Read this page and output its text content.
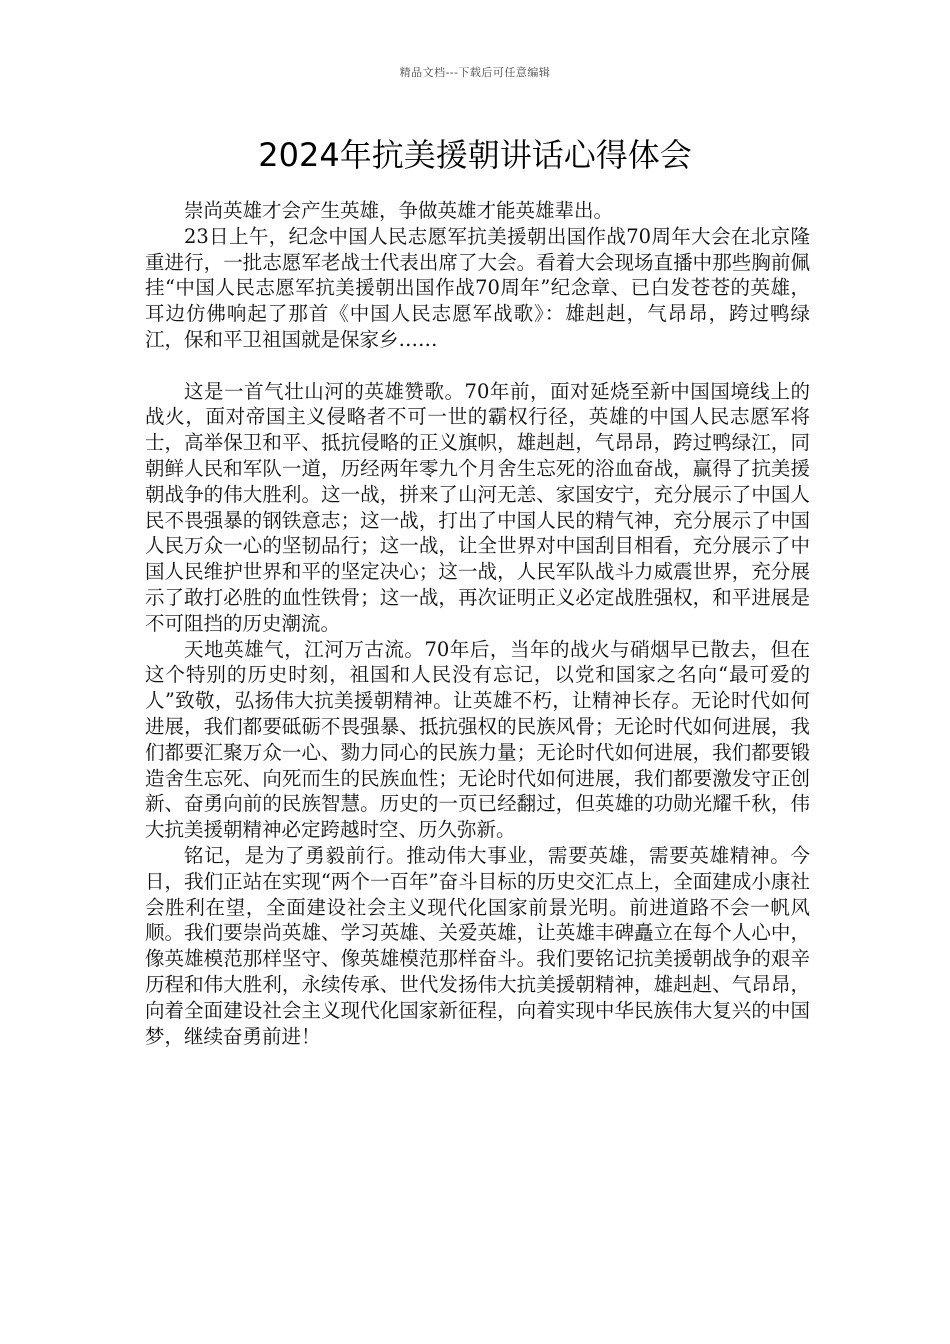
精品文档---下载后可任意编辑
2024年抗美援朝讲话心得体会

崇尚英雄才会产生英雄，争做英雄才能英雄辈出。

23日上午，纪念中国人民志愿军抗美援朝出国作战70周年大会在北京隆重进行，一批志愿军老战士代表出席了大会。看着大会现场直播中那些胸前佩挂“中国人民志愿军抗美援朝出国作战70周年”纪念章、已白发苍苍的英雄，耳边仿佛响起了那首《中国人民志愿军战歌》：雄赳赳，气昂昂，跨过鸭绿江，保和平卫祖国就是保家乡……

这是一首气壮山河的英雄赞歌。70年前，面对延烧至新中国国境线上的战火，面对帝国主义侵略者不可一世的霸权行径，英雄的中国人民志愿军将士，高举保卫和平、抵抗侵略的正义旗帜，雄赳赳，气昂昂，跨过鸭绿江，同朝鲜人民和军队一道，历经两年零九个月舍生忘死的浴血奋战，赢得了抗美援朝战争的伟大胜利。这一战，拼来了山河无恙、家国安宁，充分展示了中国人民不畏强暴的钢铁意志；这一战，打出了中国人民的精气神，充分展示了中国人民万众一心的坚韧品行；这一战，让全世界对中国刮目相看，充分展示了中国人民维护世界和平的坚定决心；这一战，人民军队战斗力威震世界，充分展示了敢打必胜的血性铁骨；这一战，再次证明正义必定战胜强权，和平进展是不可阻挡的历史潮流。

天地英雄气，江河万古流。70年后，当年的战火与硝烟早已散去，但在这个特别的历史时刻，祖国和人民没有忘记，以党和国家之名向“最可爱的人”致敬，弘扬伟大抗美援朝精神。让英雄不朽，让精神长存。无论时代如何进展，我们都要砥砺不畏强暴、抵抗强权的民族风骨；无论时代如何进展，我们都要汇聚万众一心、勠力同心的民族力量；无论时代如何进展，我们都要锻造舍生忘死、向死而生的民族血性；无论时代如何进展，我们都要激发守正创新、奋勇向前的民族智慧。历史的一页已经翻过，但英雄的功勋光耀千秋，伟大抗美援朝精神必定跨越时空、历久弥新。

铭记，是为了勇毅前行。推动伟大事业，需要英雄，需要英雄精神。今日，我们正站在实现“两个一百年”奋斗目标的历史交汇点上，全面建成小康社会胜利在望，全面建设社会主义现代化国家前景光明。前进道路不会一帆风顺。我们要崇尚英雄、学习英雄、关爱英雄，让英雄丰碑矗立在每个人心中，像英雄模范那样坚守、像英雄模范那样奋斗。我们要铭记抗美援朝战争的艰辛历程和伟大胜利，永续传承、世代发扬伟大抗美援朝精神，雄赳赳、气昂昂，向着全面建设社会主义现代化国家新征程，向着实现中华民族伟大复兴的中国梦，继续奋勇前进！
